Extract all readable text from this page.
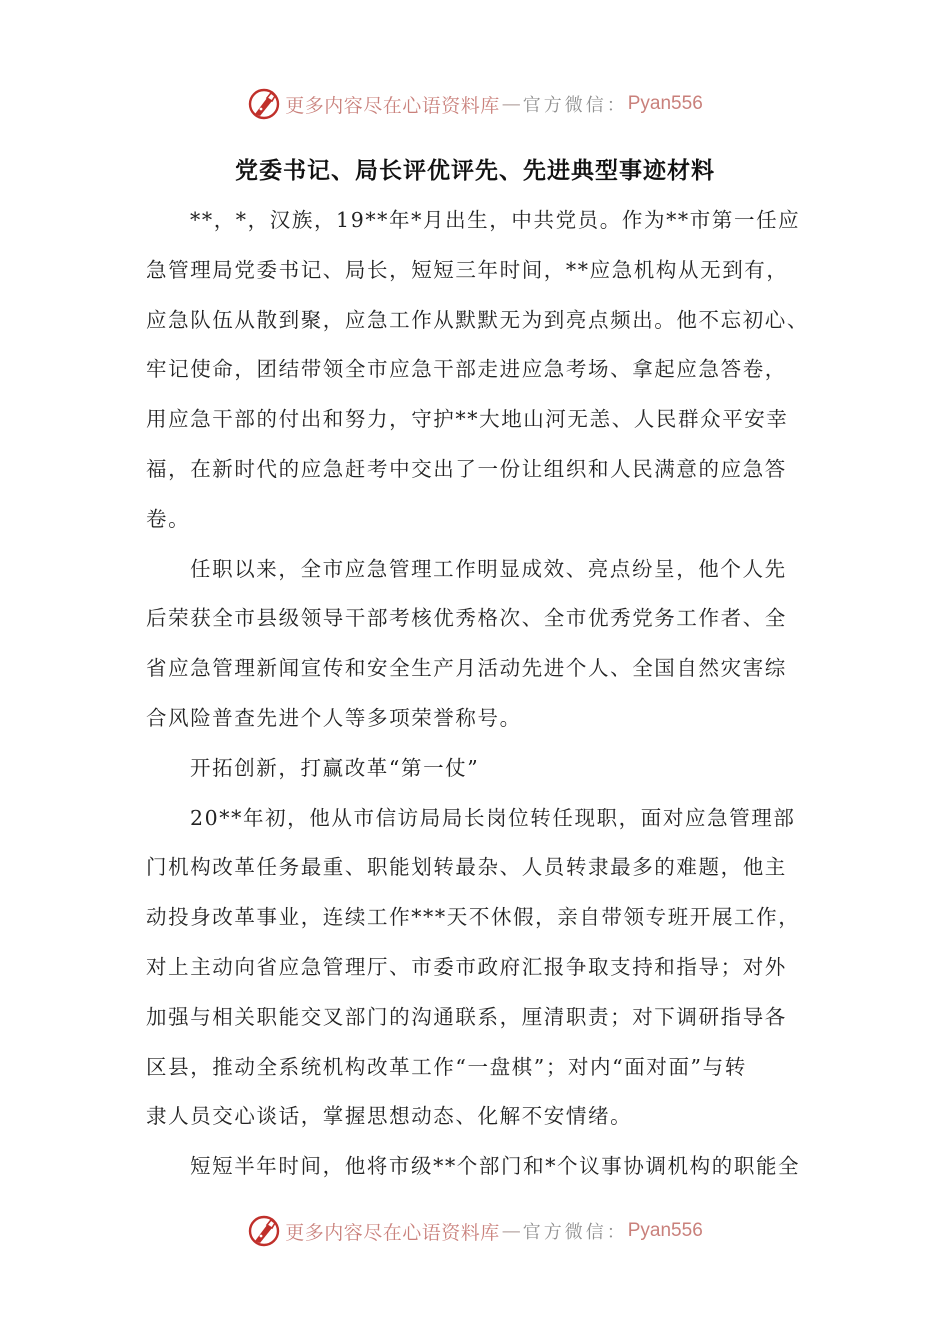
更多内容尽在心语资料库 — 官方微信： Pyan556
党委书记、局长评优评先、先进典型事迹材料
**，*，汉族，19**年*月出生，中共党员。作为**市第一任应
急管理局党委书记、局长，短短三年时间，**应急机构从无到有，
应急队伍从散到聚，应急工作从默默无为到亮点频出。他不忘初心、
牢记使命，团结带领全市应急干部走进应急考场、拿起应急答卷，
用应急干部的付出和努力，守护**大地山河无恙、人民群众平安幸
福，在新时代的应急赶考中交出了一份让组织和人民满意的应急答
卷。
任职以来，全市应急管理工作明显成效、亮点纷呈，他个人先
后荣获全市县级领导干部考核优秀格次、全市优秀党务工作者、全
省应急管理新闻宣传和安全生产月活动先进个人、全国自然灾害综
合风险普查先进个人等多项荣誉称号。
开拓创新，打赢改革“第一仗”
20**年初，他从市信访局局长岗位转任现职，面对应急管理部
门机构改革任务最重、职能划转最杂、人员转隶最多的难题，他主
动投身改革事业，连续工作***天不休假，亲自带领专班开展工作，
对上主动向省应急管理厅、市委市政府汇报争取支持和指导；对外
加强与相关职能交叉部门的沟通联系，厘清职责；对下调研指导各
区县，推动全系统机构改革工作“一盘棋”；对内“面对面”与转
隶人员交心谈话，掌握思想动态、化解不安情绪。
短短半年时间，他将市级**个部门和*个议事协调机构的职能全
更多内容尽在心语资料库 — 官方微信： Pyan556
